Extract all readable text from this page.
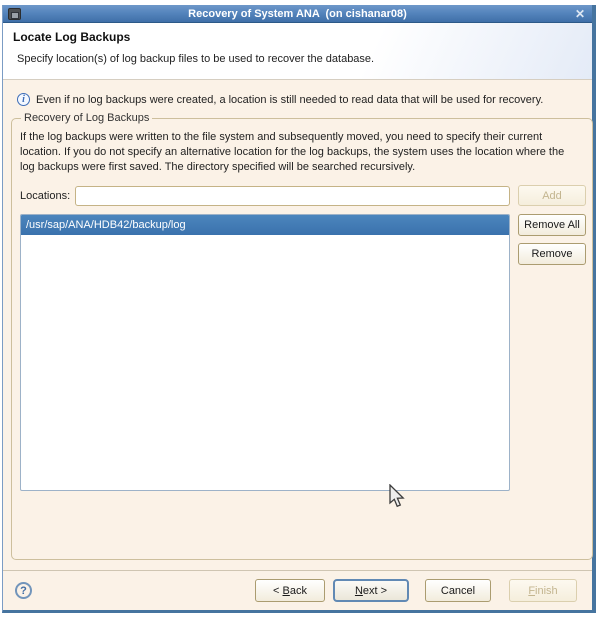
Recovery of System ANA  (on cishanar08)	✕
Locate Log Backups
Specify location(s) of log backup files to be used to recover the database.
i	Even if no log backups were created, a location is still needed to read data that will be used for recovery.
Recovery of Log Backups
If the log backups were written to the file system and subsequently moved, you need to specify their current location. If you do not specify an alternative location for the log backups, the system uses the location where the log backups were first saved. The directory specified will be searched recursively.
Locations:	Add
/usr/sap/ANA/HDB42/backup/log	Remove All
Remove
?	< Back	Next >	Cancel	Finish
